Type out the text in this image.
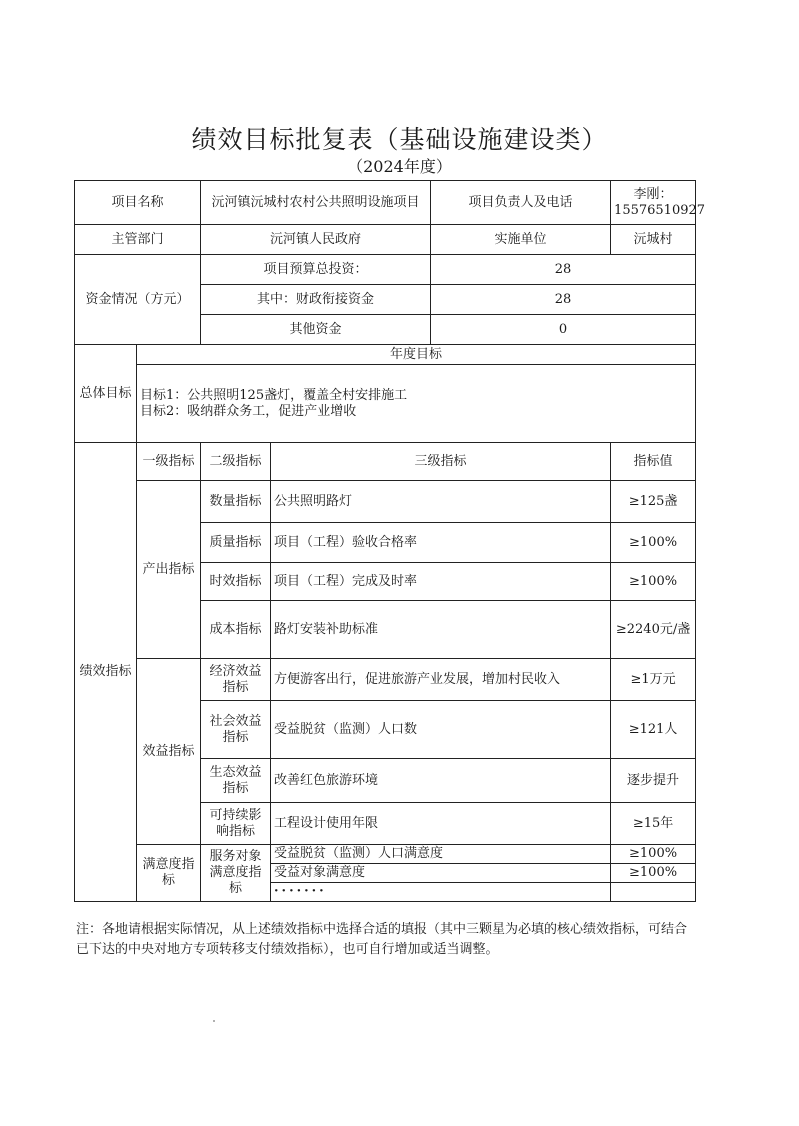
绩效目标批复表（基础设施建设类）
（2024年度）
项目名称		沅河镇沅城村农村公共照明设施项目		项目负责人及电话	李刚：15576510927
主管部门		沅河镇人民政府		实施单位	沅城村
资金情况（方元）		项目预算总投资：		28	
		其中：财政衔接资金		28	
		其他资金		0	
总体目标	年度目标				

	目标1：公共照明125盏灯，覆盖全村安排施工
目标2：吸纳群众务工，促进产业增收				

绩效指标	一级指标	二级指标	三级指标		指标值
	产出指标	数量指标	公共照明路灯		≥125盏
		质量指标	项目（工程）验收合格率		≥100%
		时效指标	项目（工程）完成及时率		≥100%
		成本指标	路灯安装补助标准		≥2240元/盏
	效益指标	经济效益指标	方便游客出行，促进旅游产业发展，增加村民收入		≥1万元
		社会效益指标	受益脱贫（监测）人口数		≥121人
		生态效益指标	改善红色旅游环境		逐步提升
		可持续影响指标	工程设计使用年限		≥15年
	满意度指标	服务对象满意度指标	受益脱贫（监测）人口满意度		≥100%
			受益对象满意度		≥100%
			·······		
注：各地请根据实际情况，从上述绩效指标中选择合适的填报（其中三颗星为必填的核心绩效指标，可结合已下达的中央对地方专项转移支付绩效指标），也可自行增加或适当调整。
